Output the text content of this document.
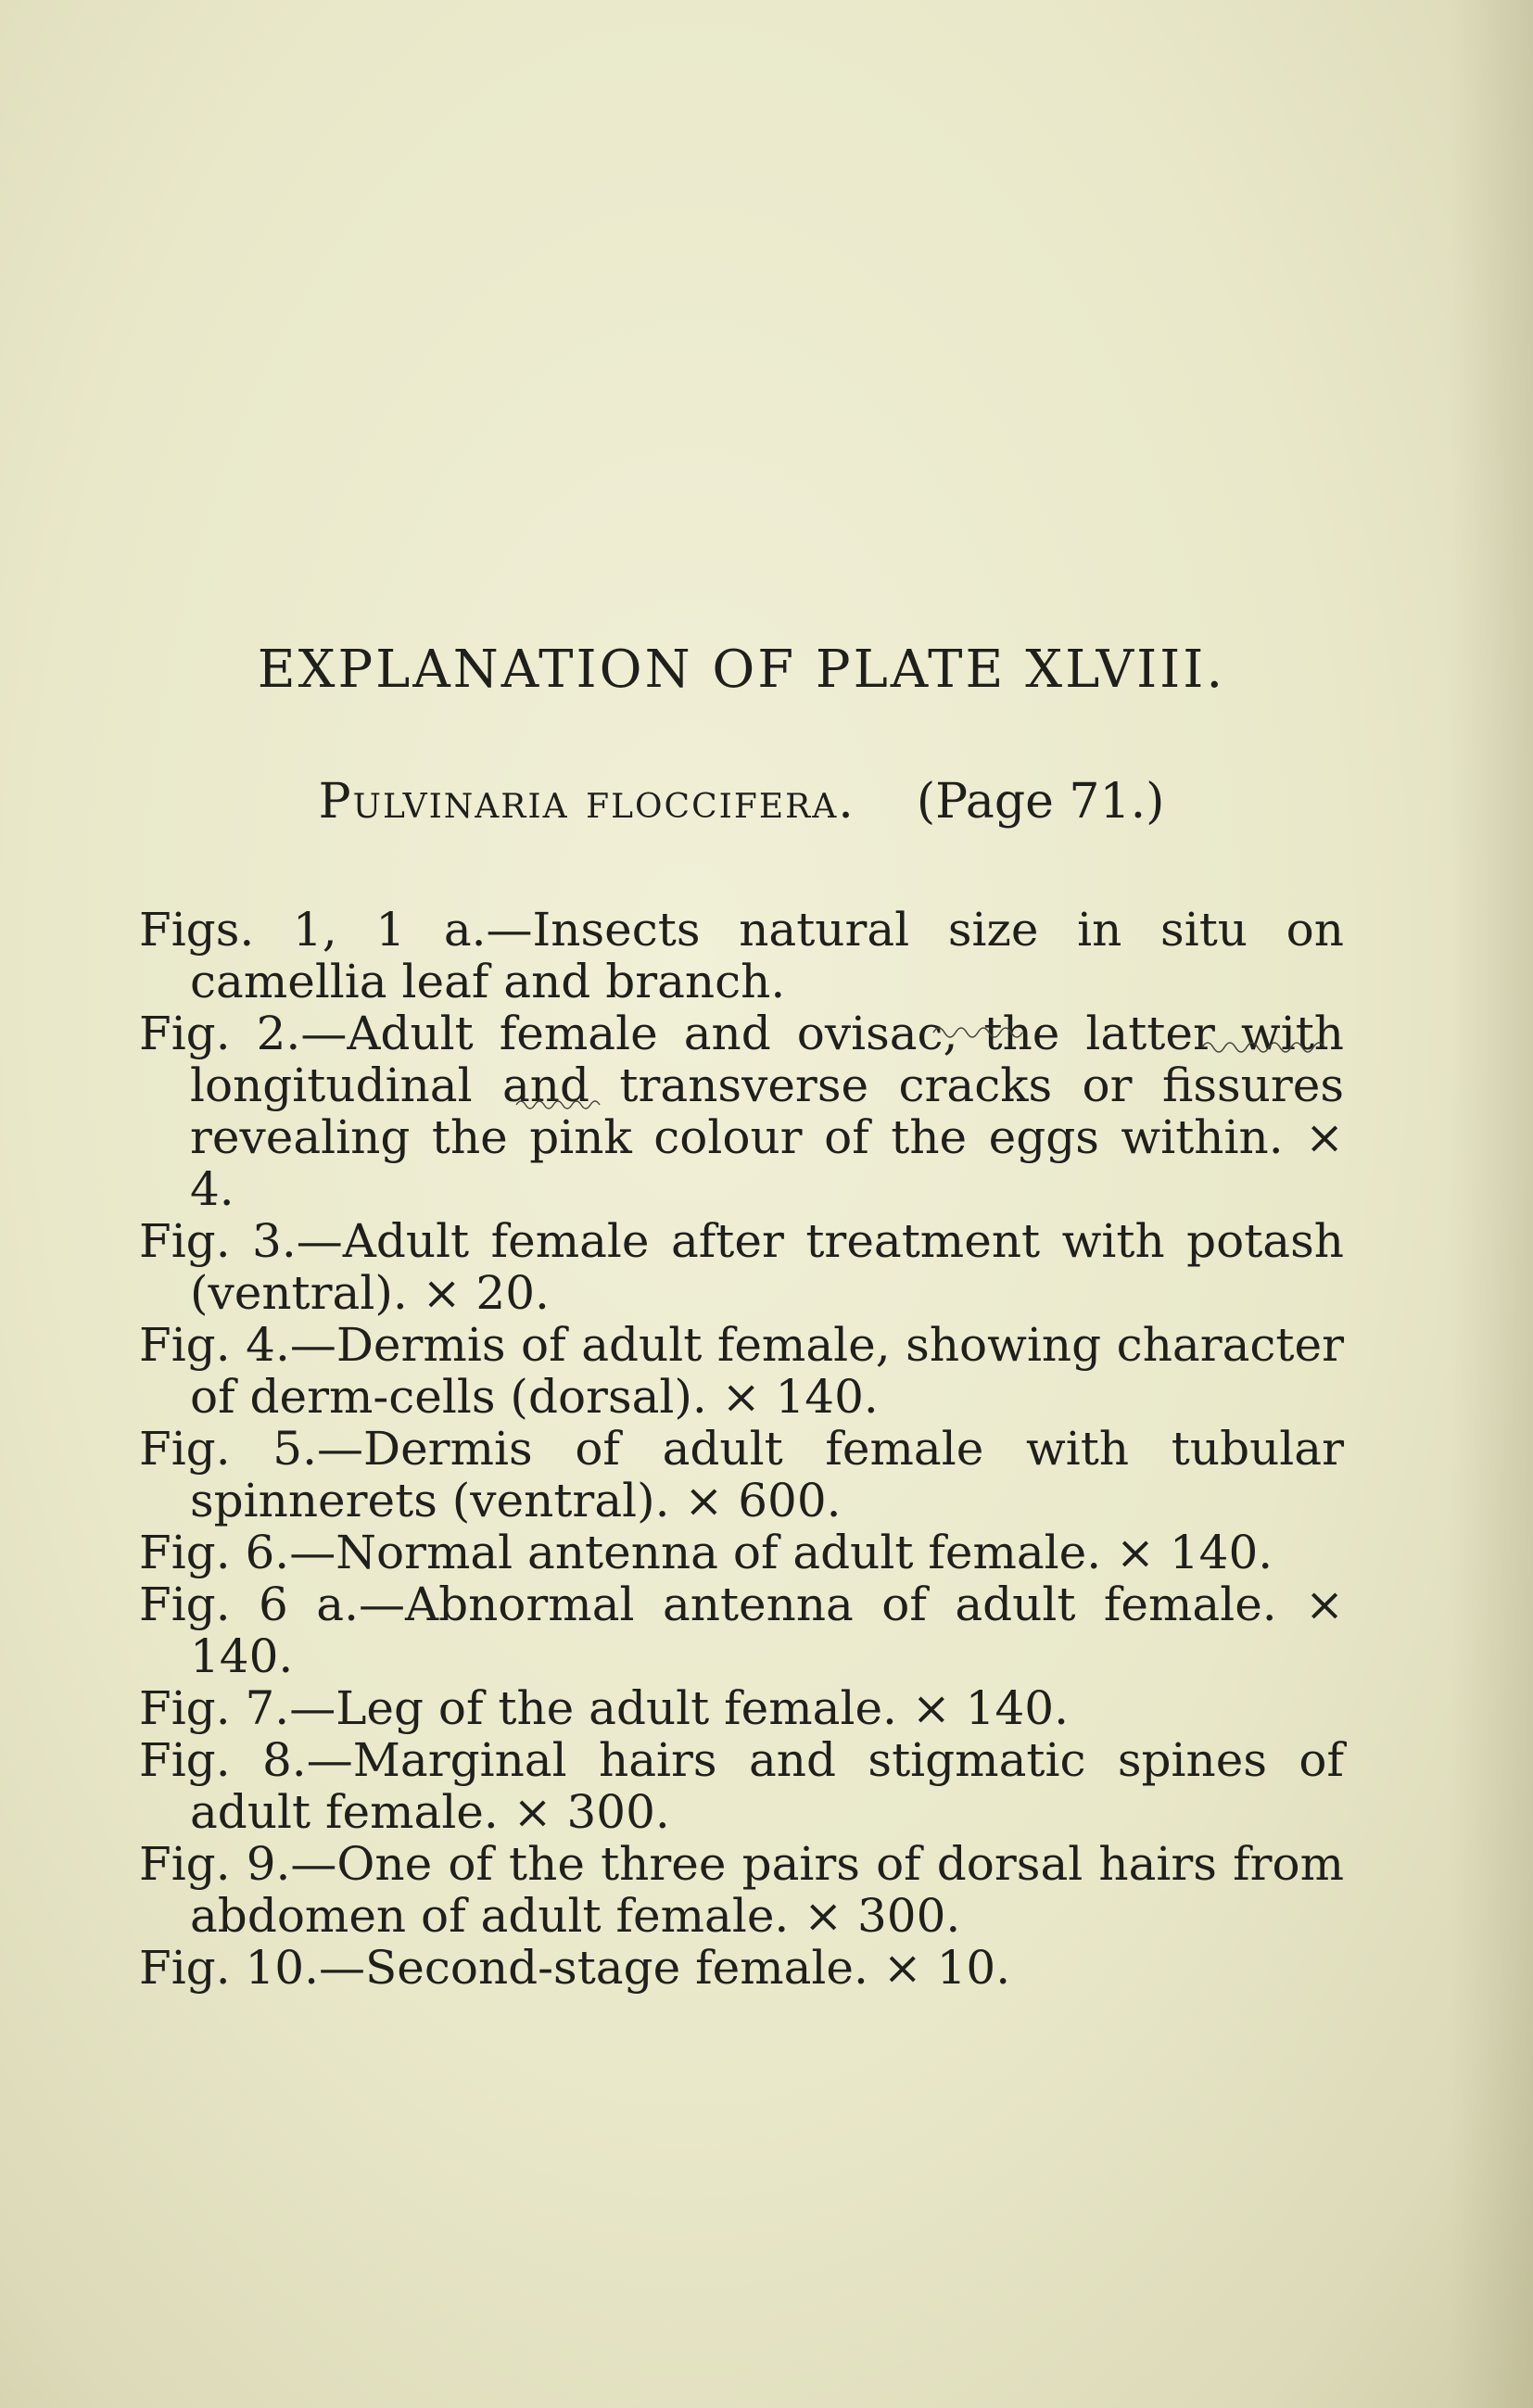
EXPLANATION OF PLATE XLVIII.
Pulvinaria floccifera. (Page 71.)

Figs. 1, 1 a.—Insects natural size in situ on camellia leaf and branch.

Fig. 2.—Adult female and ovisac, the latter with longitudinal and transverse cracks or fissures revealing the pink colour of the eggs within. × 4.

Fig. 3.—Adult female after treatment with potash (ventral). × 20.

Fig. 4.—Dermis of adult female, showing character of derm-cells (dorsal). × 140.

Fig. 5.—Dermis of adult female with tubular spinnerets (ventral). × 600.

Fig. 6.—Normal antenna of adult female. × 140.

Fig. 6 a.—Abnormal antenna of adult female. × 140.

Fig. 7.—Leg of the adult female. × 140.

Fig. 8.—Marginal hairs and stigmatic spines of adult female. × 300.

Fig. 9.—One of the three pairs of dorsal hairs from abdomen of adult female. × 300.

Fig. 10.—Second-stage female. × 10.
